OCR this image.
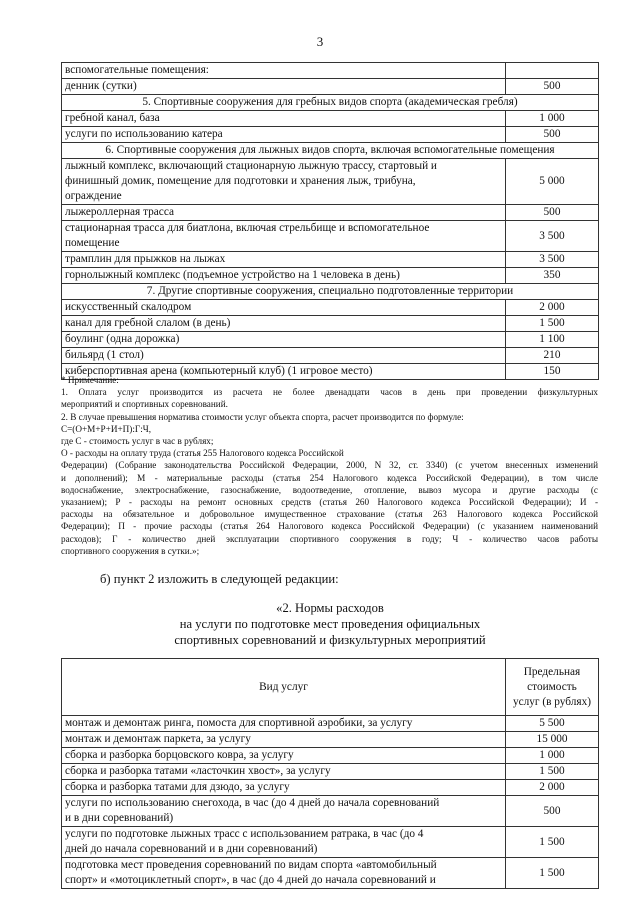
3
вспомогательные помещения:	

денник (сутки)	500

5. Спортивные сооружения для гребных видов спорта (академическая гребля)	

гребной канал, база	1 000

услуги по использованию катера	500

6. Спортивные сооружения для лыжных видов спорта, включая вспомогательные помещения	

лыжный комплекс, включающий стационарную лыжную трассу, стартовый и
финишный домик, помещение для подготовки и хранения лыж, трибуна,
ограждение	5 000

лыжероллерная трасса	500

стационарная трасса для биатлона, включая стрельбище и вспомогательное
помещение	3 500

трамплин для прыжков на лыжах	3 500

горнолыжный комплекс (подъемное устройство на 1 человека в день)	350

7. Другие спортивные сооружения, специально подготовленные территории	

искусственный скалодром	2 000

канал для гребной слалом (в день)	1 500

боулинг (одна дорожка)	1 100

бильярд (1 стол)	210

киберспортивная арена (компьютерный клуб) (1 игровое место)	150
* Примечание:
1. Оплата услуг производится из расчета не более двенадцати часов в день при проведении физкультурных
мероприятий и спортивных соревнований.
2. В случае превышения норматива стоимости услуг объекта спорта, расчет производится по формуле:
С=(О+М+Р+И+П):Г:Ч,
где С - стоимость услуг в час в рублях;
О - расходы на оплату труда (статья 255 Налогового кодекса Российской
Федерации) (Собрание законодательства Российской Федерации, 2000, N 32, ст. 3340) (с учетом внесенных изменений
и дополнений); М - материальные расходы (статья 254 Налогового кодекса Российской Федерации), в том числе
водоснабжение, электроснабжение, газоснабжение, водоотведение, отопление, вывоз мусора и другие расходы (с
указанием); Р - расходы на ремонт основных средств (статья 260 Налогового кодекса Российской Федерации); И -
расходы на обязательное и добровольное имущественное страхование (статья 263 Налогового кодекса Российской
Федерации); П - прочие расходы (статья 264 Налогового кодекса Российской Федерации) (с указанием наименований
расходов); Г - количество дней эксплуатации спортивного сооружения в году; Ч - количество часов работы
спортивного сооружения в сутки.»;
б) пункт 2 изложить в следующей редакции:
«2. Нормы расходов
на услуги по подготовке мест проведения официальных
спортивных соревнований и физкультурных мероприятий
Вид услуг	Предельная
стоимость
услуг (в рублях)

монтаж и демонтаж ринга, помоста для спортивной аэробики, за услугу	5 500

монтаж и демонтаж паркета, за услугу	15 000

сборка и разборка борцовского ковра, за услугу	1 000

сборка и разборка татами «ласточкин хвост», за услугу	1 500

сборка и разборка татами для дзюдо, за услугу	2 000

услуги по использованию снегохода, в час (до 4 дней до начала соревнований
и в дни соревнований)	500

услуги по подготовке лыжных трасс с использованием ратрака, в час (до 4
дней до начала соревнований и в дни соревнований)	1 500

подготовка мест проведения соревнований по видам спорта «автомобильный
спорт» и «мотоциклетный спорт», в час (до 4 дней до начала соревнований и	1 500
